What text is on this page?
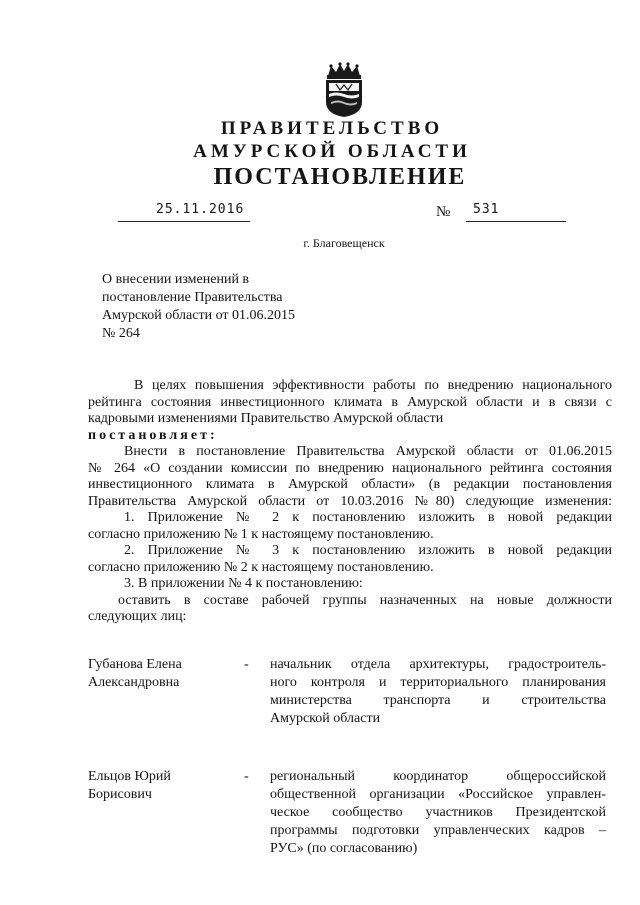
ПРАВИТЕЛЬСТВО
АМУРСКОЙ ОБЛАСТИ
ПОСТАНОВЛЕНИЕ
25.11.2016	№ 531
г. Благовещенск
О внесении изменений в
постановление Правительства
Амурской области от 01.06.2015
№ 264
В целях повышения эффективности работы по внедрению национального
рейтинга состояния инвестиционного климата в Амурской области и в связи с
кадровыми изменениями Правительство Амурской области
постановляет:
Внести в постановление Правительства Амурской области от 01.06.2015
№ 264 «О создании комиссии по внедрению национального рейтинга состояния
инвестиционного климата в Амурской области» (в редакции постановления
Правительства Амурской области от 10.03.2016 №80) следующие изменения:
1. Приложение № 2 к постановлению изложить в новой редакции
согласно приложению № 1 к настоящему постановлению.
2. Приложение № 3 к постановлению изложить в новой редакции
согласно приложению № 2 к настоящему постановлению.
3. В приложении № 4 к постановлению:
оставить в составе рабочей группы назначенных на новые должности
следующих лиц:
Губанова Елена
Александровна
- начальник отдела архитектуры, градостроитель-
ного контроля и территориального планирования
министерства транспорта и строительства
Амурской области
Ельцов Юрий
Борисович
- региональный координатор общероссийской
общественной организации «Российское управлен-
ческое сообщество участников Президентской
программы подготовки управленческих кадров –
РУС» (по согласованию)
